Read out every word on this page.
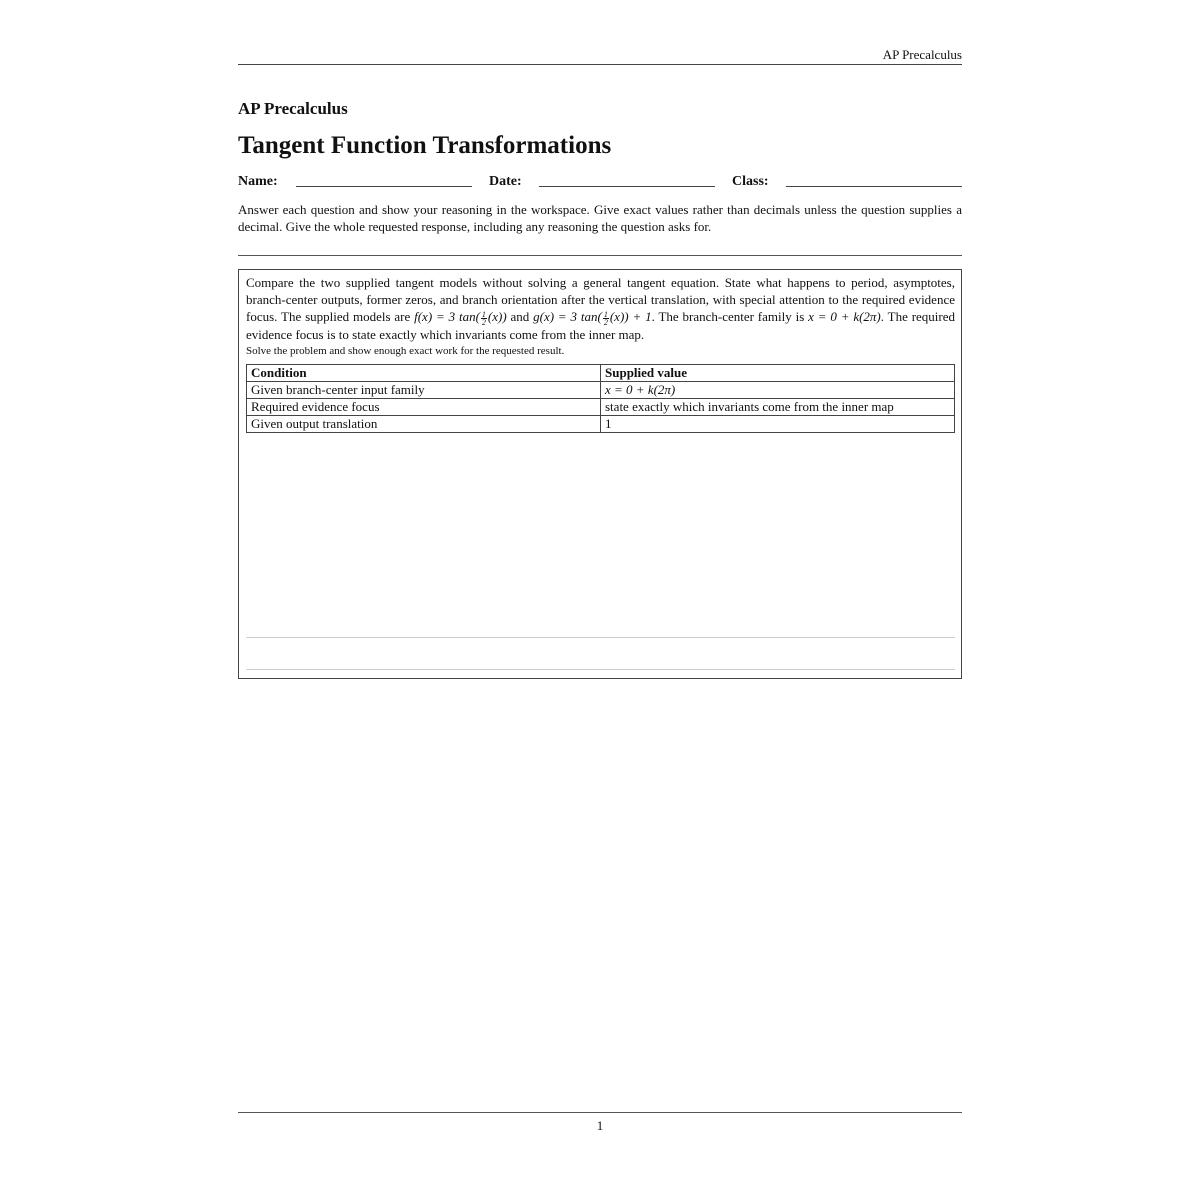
AP Precalculus
AP Precalculus
Tangent Function Transformations
Name:	Date:	Class:

Answer each question and show your reasoning in the workspace. Give exact values rather than decimals unless the question supplies a decimal. Give the whole requested response, including any reasoning the question asks for.

Compare the two supplied tangent models without solving a general tangent equation. State what happens to period, asymptotes, branch-center outputs, former zeros, and branch orientation after the vertical translation, with special attention to the required evidence focus. The supplied models are f(x) = 3 $\tan( \frac{1}{2} (x))$ and g(x) = 3 $\tan( \frac{1}{2} (x)) + 1$. The branch-center family is x = 0 + k(2π). The required evidence focus is to state exactly which invariants come from the inner map.

Solve the problem and show enough exact work for the requested result.

Condition	Supplied value
Given branch-center input family	x = 0 + k(2π)
Required evidence focus	state exactly which invariants come from the inner map
Given output translation	1
1
